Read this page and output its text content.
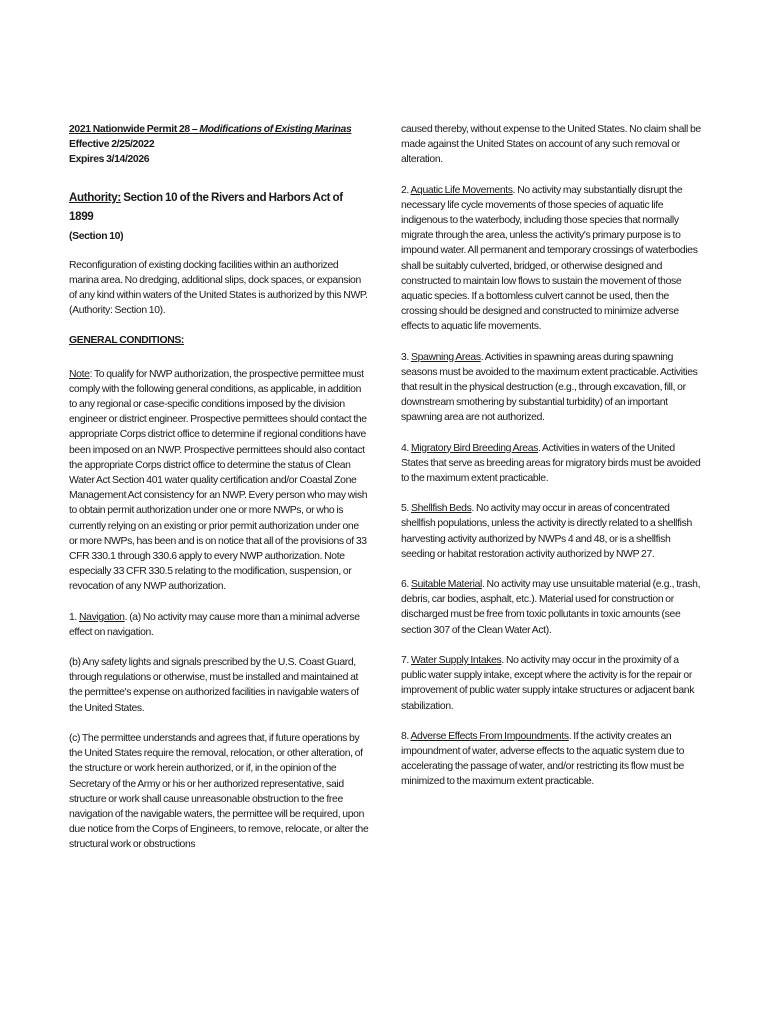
2021 Nationwide Permit 28 – Modifications of Existing Marinas
Effective 2/25/2022
Expires 3/14/2026
Authority: Section 10 of the Rivers and Harbors Act of 1899
(Section 10)

Reconfiguration of existing docking facilities within an authorized marina area. No dredging, additional slips, dock spaces, or expansion of any kind within waters of the United States is authorized by this NWP. (Authority: Section 10).

GENERAL CONDITIONS:

Note: To qualify for NWP authorization, the prospective permittee must comply with the following general conditions, as applicable, in addition to any regional or case-specific conditions imposed by the division engineer or district engineer. Prospective permittees should contact the appropriate Corps district office to determine if regional conditions have been imposed on an NWP. Prospective permittees should also contact the appropriate Corps district office to determine the status of Clean Water Act Section 401 water quality certification and/or Coastal Zone Management Act consistency for an NWP. Every person who may wish to obtain permit authorization under one or more NWPs, or who is currently relying on an existing or prior permit authorization under one or more NWPs, has been and is on notice that all of the provisions of 33 CFR 330.1 through 330.6 apply to every NWP authorization. Note especially 33 CFR 330.5 relating to the modification, suspension, or revocation of any NWP authorization.

1. Navigation. (a) No activity may cause more than a minimal adverse effect on navigation.

(b) Any safety lights and signals prescribed by the U.S. Coast Guard, through regulations or otherwise, must be installed and maintained at the permittee's expense on authorized facilities in navigable waters of the United States.

(c) The permittee understands and agrees that, if future operations by the United States require the removal, relocation, or other alteration, of the structure or work herein authorized, or if, in the opinion of the Secretary of the Army or his or her authorized representative, said structure or work shall cause unreasonable obstruction to the free navigation of the navigable waters, the permittee will be required, upon due notice from the Corps of Engineers, to remove, relocate, or alter the structural work or obstructions

caused thereby, without expense to the United States. No claim shall be made against the United States on account of any such removal or alteration.

2. Aquatic Life Movements. No activity may substantially disrupt the necessary life cycle movements of those species of aquatic life indigenous to the waterbody, including those species that normally migrate through the area, unless the activity's primary purpose is to impound water. All permanent and temporary crossings of waterbodies shall be suitably culverted, bridged, or otherwise designed and constructed to maintain low flows to sustain the movement of those aquatic species. If a bottomless culvert cannot be used, then the crossing should be designed and constructed to minimize adverse effects to aquatic life movements.

3. Spawning Areas. Activities in spawning areas during spawning seasons must be avoided to the maximum extent practicable. Activities that result in the physical destruction (e.g., through excavation, fill, or downstream smothering by substantial turbidity) of an important spawning area are not authorized.

4. Migratory Bird Breeding Areas. Activities in waters of the United States that serve as breeding areas for migratory birds must be avoided to the maximum extent practicable.

5. Shellfish Beds. No activity may occur in areas of concentrated shellfish populations, unless the activity is directly related to a shellfish harvesting activity authorized by NWPs 4 and 48, or is a shellfish seeding or habitat restoration activity authorized by NWP 27.

6. Suitable Material. No activity may use unsuitable material (e.g., trash, debris, car bodies, asphalt, etc.). Material used for construction or discharged must be free from toxic pollutants in toxic amounts (see section 307 of the Clean Water Act).

7. Water Supply Intakes. No activity may occur in the proximity of a public water supply intake, except where the activity is for the repair or improvement of public water supply intake structures or adjacent bank stabilization.

8. Adverse Effects From Impoundments. If the activity creates an impoundment of water, adverse effects to the aquatic system due to accelerating the passage of water, and/or restricting its flow must be minimized to the maximum extent practicable.
